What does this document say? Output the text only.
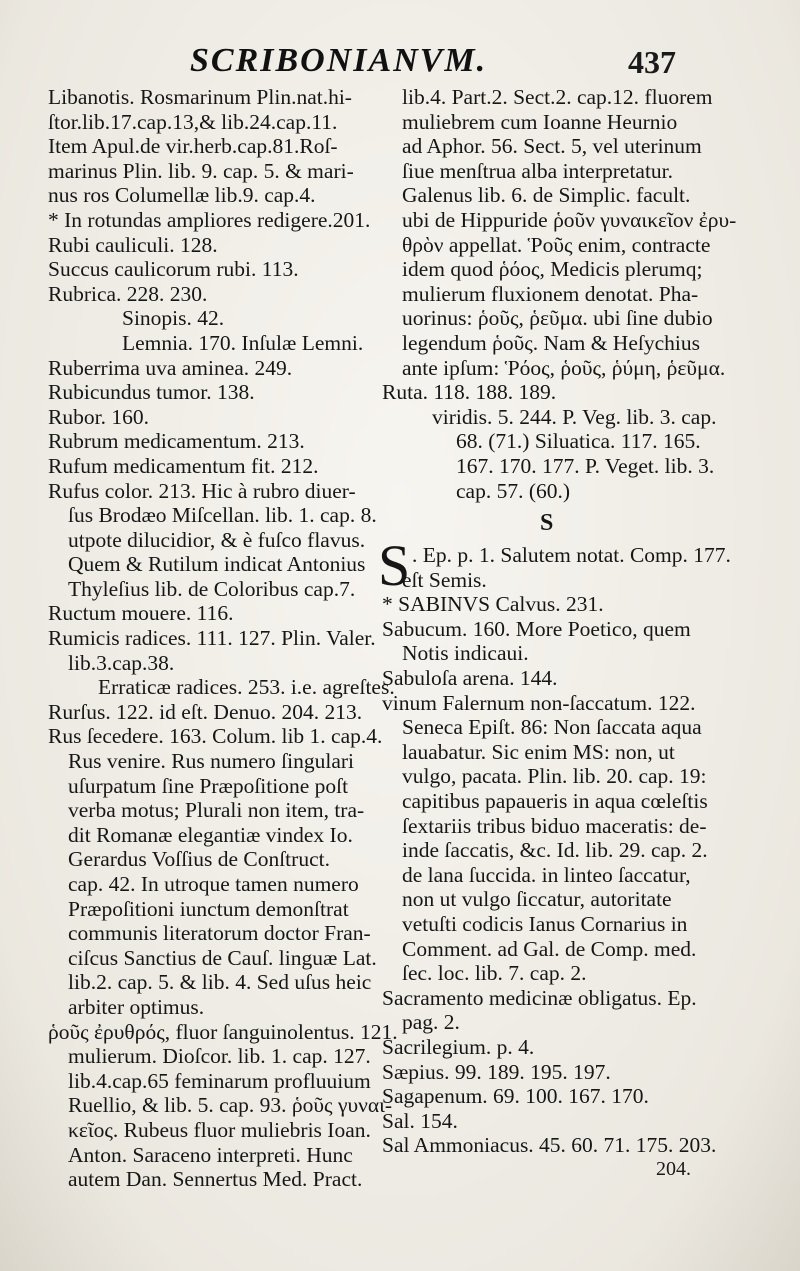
SCRIBONIANVM.	437
Libanotis. Rosmarinum Plin.nat.hi-
ſtor.lib.17.cap.13,& lib.24.cap.11.
Item Apul.de vir.herb.cap.81.Roſ-
marinus Plin. lib. 9. cap. 5. & mari-
nus ros Columellæ lib.9. cap.4.
* In rotundas ampliores redigere.201.
Rubi cauliculi. 128.
Succus caulicorum rubi. 113.
Rubrica. 228. 230.
Sinopis. 42.
Lemnia. 170. Inſulæ Lemni.
Ruberrima uva aminea. 249.
Rubicundus tumor. 138.
Rubor. 160.
Rubrum medicamentum. 213.
Rufum medicamentum fit. 212.
Rufus color. 213. Hic à rubro diuer-
ſus Brodæo Miſcellan. lib. 1. cap. 8.
utpote dilucidior, & è fuſco flavus.
Quem & Rutilum indicat Antonius
Thyleſius lib. de Coloribus cap.7.
Ructum mouere. 116.
Rumicis radices. 111. 127. Plin. Valer.
lib.3.cap.38.
Erraticæ radices. 253. i.e. agreſtes.
Rurſus. 122. id eſt. Denuo. 204. 213.
Rus ſecedere. 163. Colum. lib 1. cap.4.
Rus venire. Rus numero ſingulari
uſurpatum ſine Præpoſitione poſt
verba motus; Plurali non item, tra-
dit Romanæ elegantiæ vindex Io.
Gerardus Voſſius de Conſtruct.
cap. 42. In utroque tamen numero
Præpoſitioni iunctum demonſtrat
communis literatorum doctor Fran-
ciſcus Sanctius de Cauſ. linguæ Lat.
lib.2. cap. 5. & lib. 4. Sed uſus heic
arbiter optimus.
ῥοῦς ἐρυθρός, fluor ſanguinolentus. 121.
mulierum. Dioſcor. lib. 1. cap. 127.
lib.4.cap.65 feminarum profluuium
Ruellio, & lib. 5. cap. 93. ῥοῦς γυναι-
κεῖος. Rubeus fluor muliebris Ioan.
Anton. Saraceno interpreti. Hunc
autem Dan. Sennertus Med. Pract.
lib.4. Part.2. Sect.2. cap.12. fluorem
muliebrem cum Ioanne Heurnio
ad Aphor. 56. Sect. 5, vel uterinum
ſiue menſtrua alba interpretatur.
Galenus lib. 6. de Simplic. facult.
ubi de Hippuride ῥοῦν γυναικεῖον ἐρυ-
θρὸν appellat. Ῥοῦς enim, contracte
idem quod ῥόος, Medicis plerumq;
mulierum fluxionem denotat. Pha-
uorinus: ῥοῦς, ῥεῦμα. ubi ſine dubio
legendum ῥοῦς. Nam & Heſychius
ante ipſum: Ῥόος, ῥοῦς, ῥύμη, ῥεῦμα.
Ruta. 118. 188. 189.
viridis. 5. 244. P. Veg. lib. 3. cap.
68. (71.) Siluatica. 117. 165.
167. 170. 177. P. Veget. lib. 3.
cap. 57. (60.)
S
S . Ep. p. 1. Salutem notat. Comp. 177.
eſt Semis.
* SABINVS Calvus. 231.
Sabucum. 160. More Poetico, quem
Notis indicaui.
Sabuloſa arena. 144.
vinum Falernum non-ſaccatum. 122.
Seneca Epiſt. 86: Non ſaccata aqua
lauabatur. Sic enim MS: non, ut
vulgo, pacata. Plin. lib. 20. cap. 19:
capitibus papaueris in aqua cœleſtis
ſextariis tribus biduo maceratis: de-
inde ſaccatis, &c. Id. lib. 29. cap. 2.
de lana ſuccida. in linteo ſaccatur,
non ut vulgo ſiccatur, autoritate
vetuſti codicis Ianus Cornarius in
Comment. ad Gal. de Comp. med.
ſec. loc. lib. 7. cap. 2.
Sacramento medicinæ obligatus. Ep.
pag. 2.
Sacrilegium. p. 4.
Sæpius. 99. 189. 195. 197.
Sagapenum. 69. 100. 167. 170.
Sal. 154.
Sal Ammoniacus. 45. 60. 71. 175. 203.
204.
